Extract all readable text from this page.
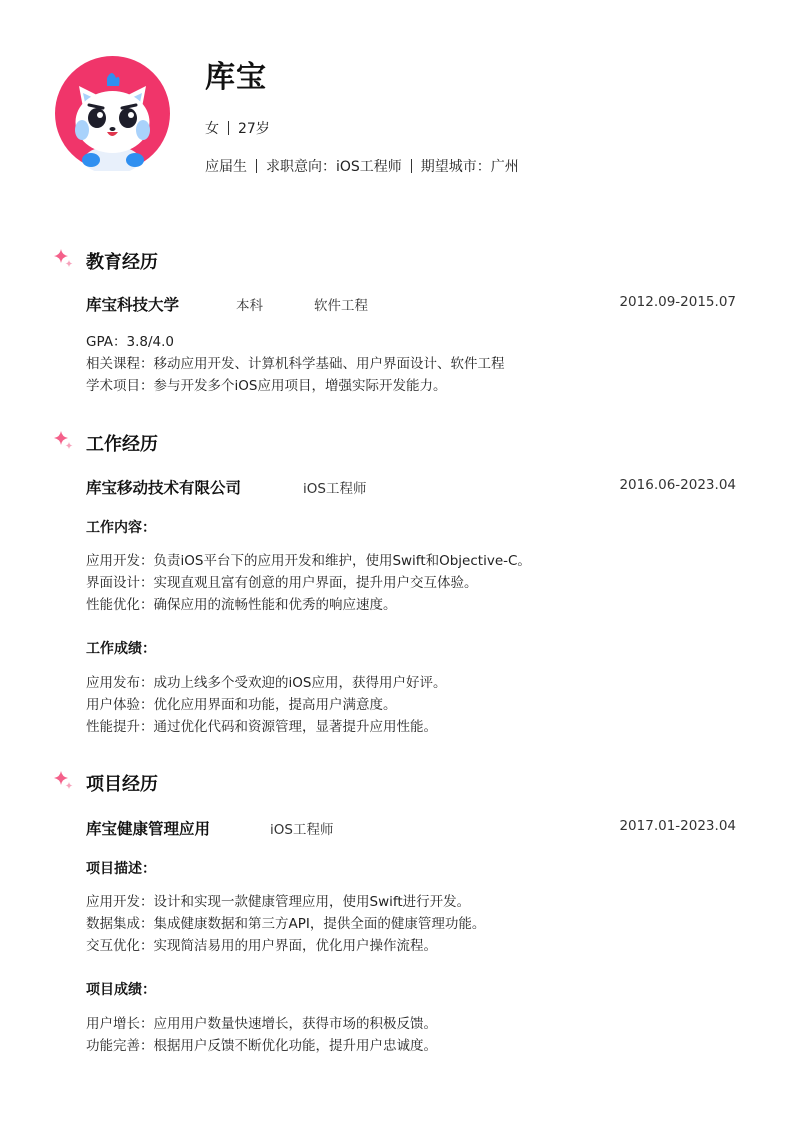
库宝
女 27岁
应届生 求职意向：iOS工程师 期望城市：广州
教育经历
库宝科技大学	本科	软件工程	2012.09-2015.07
GPA：3.8/4.0
相关课程：移动应用开发、计算机科学基础、用户界面设计、软件工程
学术项目：参与开发多个iOS应用项目，增强实际开发能力。
工作经历
库宝移动技术有限公司	iOS工程师	2016.06-2023.04
工作内容：
应用开发：负责iOS平台下的应用开发和维护，使用Swift和Objective-C。
界面设计：实现直观且富有创意的用户界面，提升用户交互体验。
性能优化：确保应用的流畅性能和优秀的响应速度。
工作成绩：
应用发布：成功上线多个受欢迎的iOS应用，获得用户好评。
用户体验：优化应用界面和功能，提高用户满意度。
性能提升：通过优化代码和资源管理，显著提升应用性能。
项目经历
库宝健康管理应用	iOS工程师	2017.01-2023.04
项目描述：
应用开发：设计和实现一款健康管理应用，使用Swift进行开发。
数据集成：集成健康数据和第三方API，提供全面的健康管理功能。
交互优化：实现简洁易用的用户界面，优化用户操作流程。
项目成绩：
用户增长：应用用户数量快速增长，获得市场的积极反馈。
功能完善：根据用户反馈不断优化功能，提升用户忠诚度。
